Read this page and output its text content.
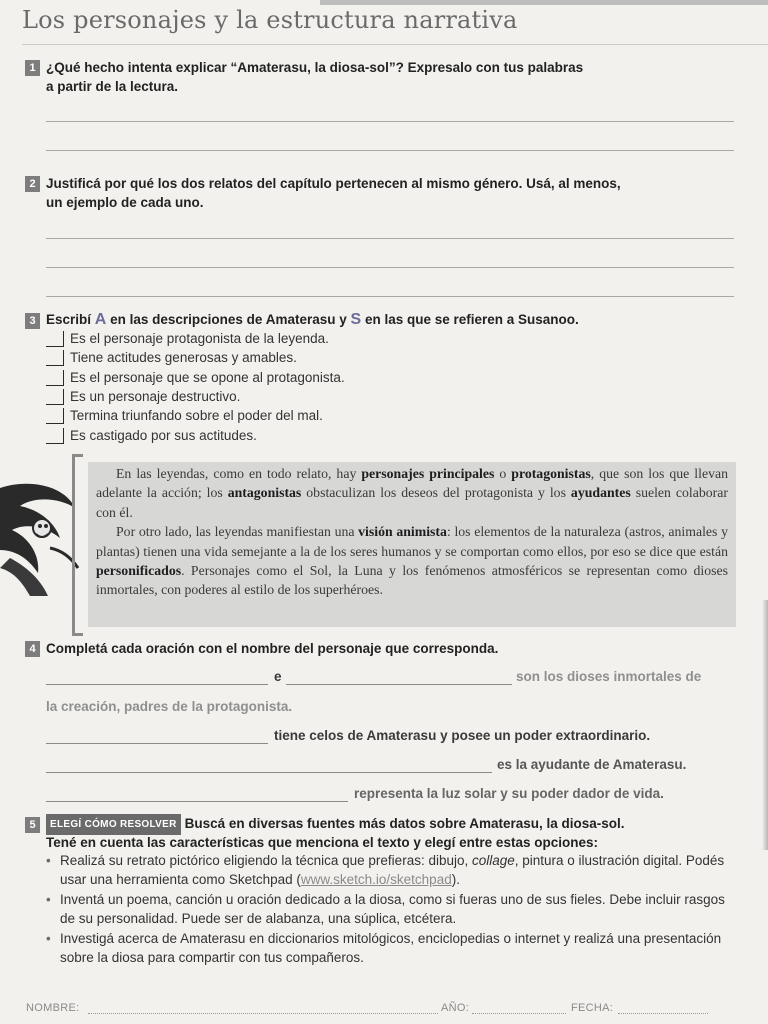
Los personajes y la estructura narrativa
1 ¿Qué hecho intenta explicar “Amaterasu, la diosa-sol”? Expresalo con tus palabras
a partir de la lectura.
2 Justificá por qué los dos relatos del capítulo pertenecen al mismo género. Usá, al menos,
un ejemplo de cada uno.
3 Escribí A en las descripciones de Amaterasu y S en las que se refieren a Susanoo.
Es el personaje protagonista de la leyenda.
Tiene actitudes generosas y amables.
Es el personaje que se opone al protagonista.
Es un personaje destructivo.
Termina triunfando sobre el poder del mal.
Es castigado por sus actitudes.

En las leyendas, como en todo relato, hay personajes principales o protagonistas, que son los que llevan adelante la acción; los antagonistas obstaculizan los deseos del protagonista y los ayudantes suelen colaborar con él.

Por otro lado, las leyendas manifiestan una visión animista: los elementos de la naturaleza (astros, animales y plantas) tienen una vida semejante a la de los seres humanos y se comportan como ellos, por eso se dice que están personificados. Personajes como el Sol, la Luna y los fenómenos atmosféricos se representan como dioses inmortales, con poderes al estilo de los superhéroes.

4 Completá cada oración con el nombre del personaje que corresponda.
e	son los dioses inmortales de
la creación, padres de la protagonista.
tiene celos de Amaterasu y posee un poder extraordinario.
es la ayudante de Amaterasu.
representa la luz solar y su poder dador de vida.
5	ELEGÍ CÓMO RESOLVER Buscá en diversas fuentes más datos sobre Amaterasu, la diosa-sol.
Tené en cuenta las características que menciona el texto y elegí entre estas opciones:
• Realizá su retrato pictórico eligiendo la técnica que prefieras: dibujo, collage, pintura o ilustración digital. Podés usar una herramienta como Sketchpad (www.sketch.io/sketchpad).
• Inventá un poema, canción u oración dedicado a la diosa, como si fueras uno de sus fieles. Debe incluir rasgos de su personalidad. Puede ser de alabanza, una súplica, etcétera.
• Investigá acerca de Amaterasu en diccionarios mitológicos, enciclopedias o internet y realizá una presentación sobre la diosa para compartir con tus compañeros.
NOMBRE:	AÑO:	FECHA:
